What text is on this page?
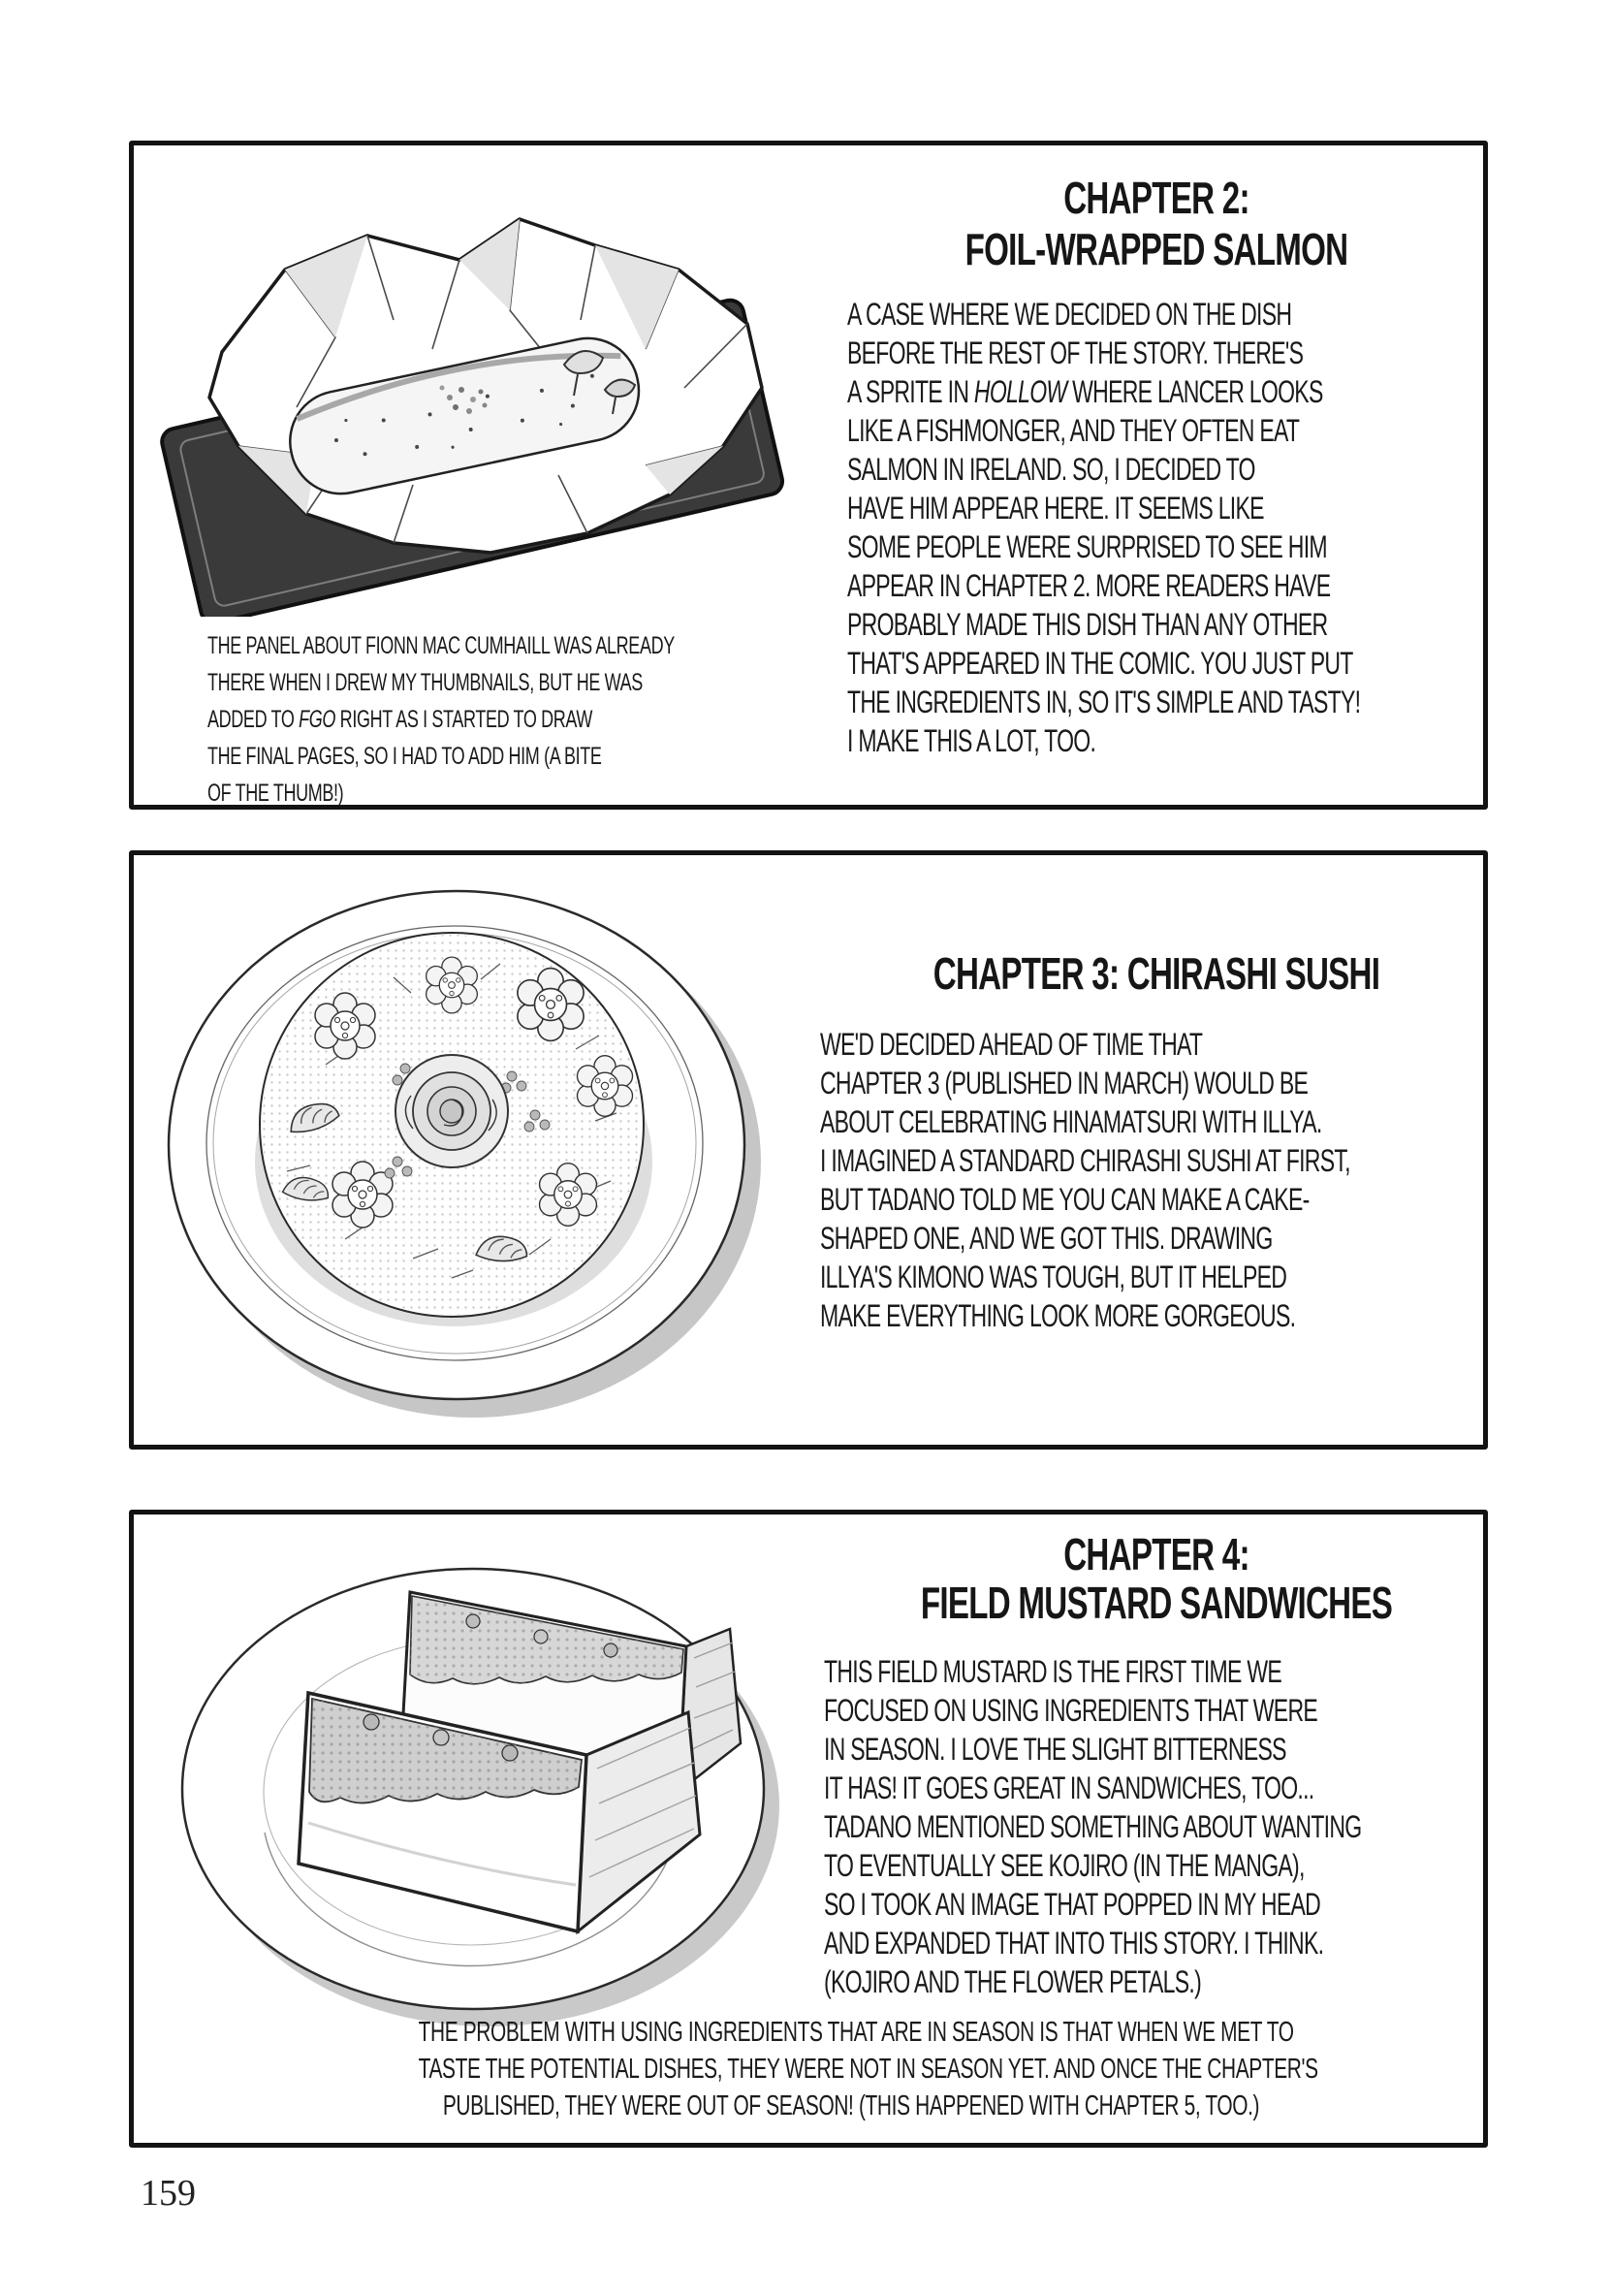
THE PANEL ABOUT FIONN MAC CUMHAILL WAS ALREADY
THERE WHEN I DREW MY THUMBNAILS, BUT HE WAS
ADDED TO FGO RIGHT AS I STARTED TO DRAW
THE FINAL PAGES, SO I HAD TO ADD HIM (A BITE
OF THE THUMB!)
CHAPTER 2:
FOIL-WRAPPED SALMON
A CASE WHERE WE DECIDED ON THE DISH
BEFORE THE REST OF THE STORY. THERE'S
A SPRITE IN HOLLOW WHERE LANCER LOOKS
LIKE A FISHMONGER, AND THEY OFTEN EAT
SALMON IN IRELAND. SO, I DECIDED TO
HAVE HIM APPEAR HERE. IT SEEMS LIKE
SOME PEOPLE WERE SURPRISED TO SEE HIM
APPEAR IN CHAPTER 2. MORE READERS HAVE
PROBABLY MADE THIS DISH THAN ANY OTHER
THAT'S APPEARED IN THE COMIC. YOU JUST PUT
THE INGREDIENTS IN, SO IT'S SIMPLE AND TASTY!
I MAKE THIS A LOT, TOO.
CHAPTER 3: CHIRASHI SUSHI
WE'D DECIDED AHEAD OF TIME THAT
CHAPTER 3 (PUBLISHED IN MARCH) WOULD BE
ABOUT CELEBRATING HINAMATSURI WITH ILLYA.
I IMAGINED A STANDARD CHIRASHI SUSHI AT FIRST,
BUT TADANO TOLD ME YOU CAN MAKE A CAKE-
SHAPED ONE, AND WE GOT THIS. DRAWING
ILLYA'S KIMONO WAS TOUGH, BUT IT HELPED
MAKE EVERYTHING LOOK MORE GORGEOUS.
CHAPTER 4:
FIELD MUSTARD SANDWICHES
THIS FIELD MUSTARD IS THE FIRST TIME WE
FOCUSED ON USING INGREDIENTS THAT WERE
IN SEASON. I LOVE THE SLIGHT BITTERNESS
IT HAS! IT GOES GREAT IN SANDWICHES, TOO...
TADANO MENTIONED SOMETHING ABOUT WANTING
TO EVENTUALLY SEE KOJIRO (IN THE MANGA),
SO I TOOK AN IMAGE THAT POPPED IN MY HEAD
AND EXPANDED THAT INTO THIS STORY. I THINK.
(KOJIRO AND THE FLOWER PETALS.)
THE PROBLEM WITH USING INGREDIENTS THAT ARE IN SEASON IS THAT WHEN WE MET TO
TASTE THE POTENTIAL DISHES, THEY WERE NOT IN SEASON YET. AND ONCE THE CHAPTER'S
PUBLISHED, THEY WERE OUT OF SEASON! (THIS HAPPENED WITH CHAPTER 5, TOO.)
159
